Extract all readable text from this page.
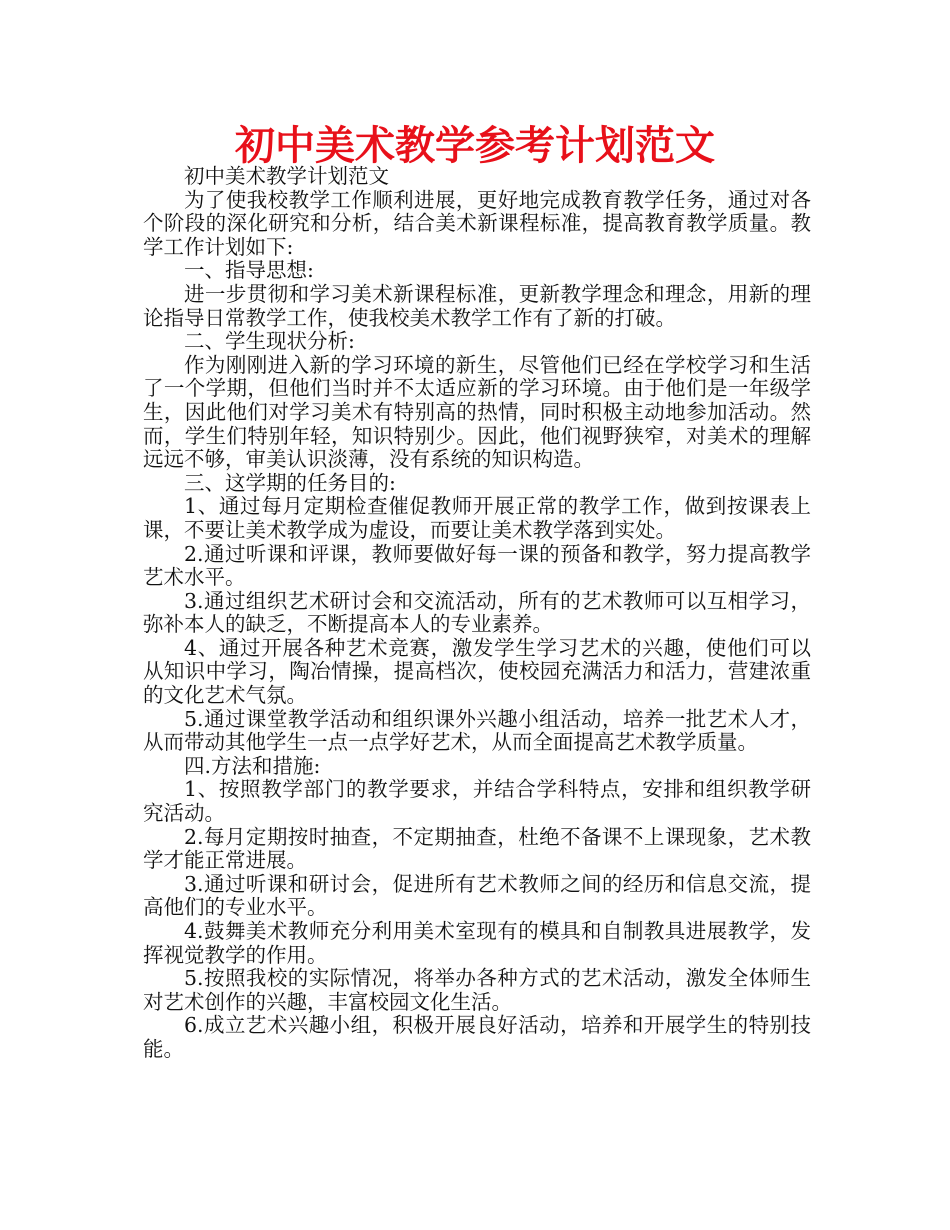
初中美术教学参考计划范文

初中美术教学计划范文

为了使我校教学工作顺利进展，更好地完成教育教学任务，通过对各个阶段的深化研究和分析，结合美术新课程标准，提高教育教学质量。教学工作计划如下:

一、指导思想:

进一步贯彻和学习美术新课程标准，更新教学理念和理念，用新的理论指导日常教学工作，使我校美术教学工作有了新的打破。

二、学生现状分析:

作为刚刚进入新的学习环境的新生，尽管他们已经在学校学习和生活了一个学期，但他们当时并不太适应新的学习环境。由于他们是一年级学生，因此他们对学习美术有特别高的热情，同时积极主动地参加活动。然而，学生们特别年轻，知识特别少。因此，他们视野狭窄，对美术的理解远远不够，审美认识淡薄，没有系统的知识构造。

三、这学期的任务目的:

1、通过每月定期检查催促教师开展正常的教学工作，做到按课表上课，不要让美术教学成为虚设，而要让美术教学落到实处。

2.通过听课和评课，教师要做好每一课的预备和教学，努力提高教学艺术水平。

3.通过组织艺术研讨会和交流活动，所有的艺术教师可以互相学习，弥补本人的缺乏，不断提高本人的专业素养。

4、通过开展各种艺术竞赛，激发学生学习艺术的兴趣，使他们可以从知识中学习，陶冶情操，提高档次，使校园充满活力和活力，营建浓重的文化艺术气氛。

5.通过课堂教学活动和组织课外兴趣小组活动，培养一批艺术人才，从而带动其他学生一点一点学好艺术，从而全面提高艺术教学质量。

四.方法和措施:

1、按照教学部门的教学要求，并结合学科特点，安排和组织教学研究活动。

2.每月定期按时抽查，不定期抽查，杜绝不备课不上课现象，艺术教学才能正常进展。

3.通过听课和研讨会，促进所有艺术教师之间的经历和信息交流，提高他们的专业水平。

4.鼓舞美术教师充分利用美术室现有的模具和自制教具进展教学，发挥视觉教学的作用。

5.按照我校的实际情况，将举办各种方式的艺术活动，激发全体师生对艺术创作的兴趣，丰富校园文化生活。

6.成立艺术兴趣小组，积极开展良好活动，培养和开展学生的特别技能。
